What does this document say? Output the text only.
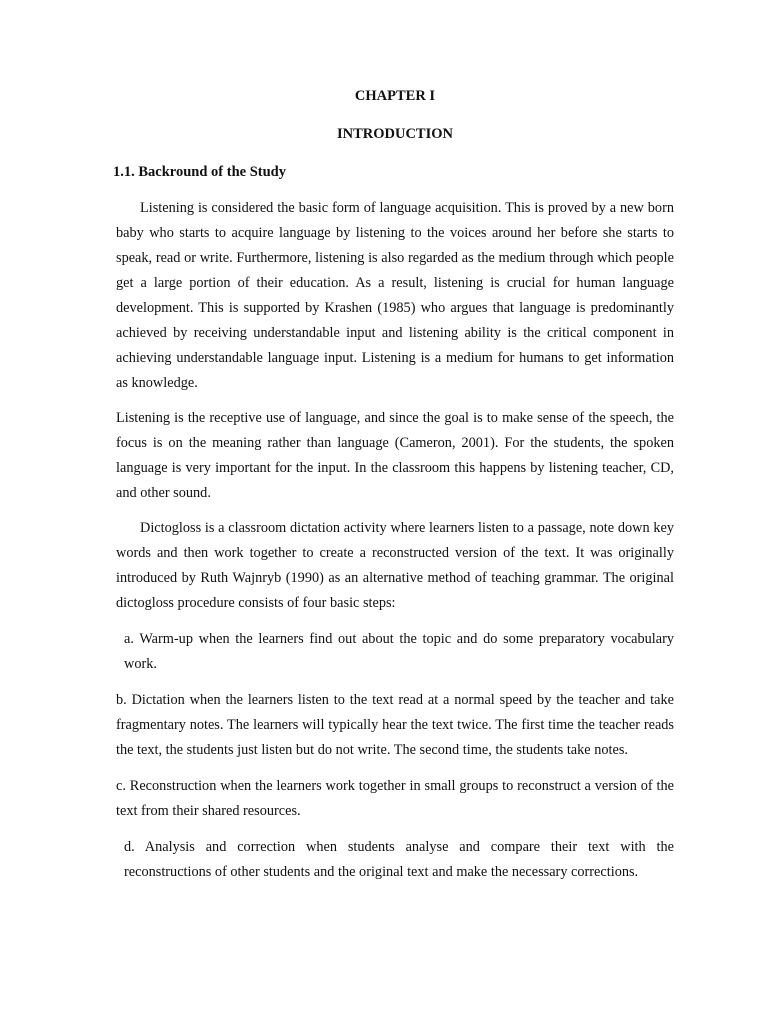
CHAPTER I
INTRODUCTION
1.1. Backround of the Study

Listening is considered the basic form of language acquisition. This is proved by a new born baby who starts to acquire language by listening to the voices around her before she starts to speak, read or write. Furthermore, listening is also regarded as the medium through which people get a large portion of their education. As a result, listening is crucial for human language development. This is supported by Krashen (1985) who argues that language is predominantly achieved by receiving understandable input and listening ability is the critical component in achieving understandable language input. Listening is a medium for humans to get information as knowledge.

Listening is the receptive use of language, and since the goal is to make sense of the speech, the focus is on the meaning rather than language (Cameron, 2001). For the students, the spoken language is very important for the input. In the classroom this happens by listening teacher, CD, and other sound.

Dictogloss is a classroom dictation activity where learners listen to a passage, note down key words and then work together to create a reconstructed version of the text. It was originally introduced by Ruth Wajnryb (1990) as an alternative method of teaching grammar. The original dictogloss procedure consists of four basic steps:

a. Warm-up when the learners find out about the topic and do some preparatory vocabulary work.

b. Dictation when the learners listen to the text read at a normal speed by the teacher and take fragmentary notes. The learners will typically hear the text twice. The first time the teacher reads the text, the students just listen but do not write. The second time, the students take notes.

c. Reconstruction when the learners work together in small groups to reconstruct a version of the text from their shared resources.

d. Analysis and correction when students analyse and compare their text with the reconstructions of other students and the original text and make the necessary corrections.
